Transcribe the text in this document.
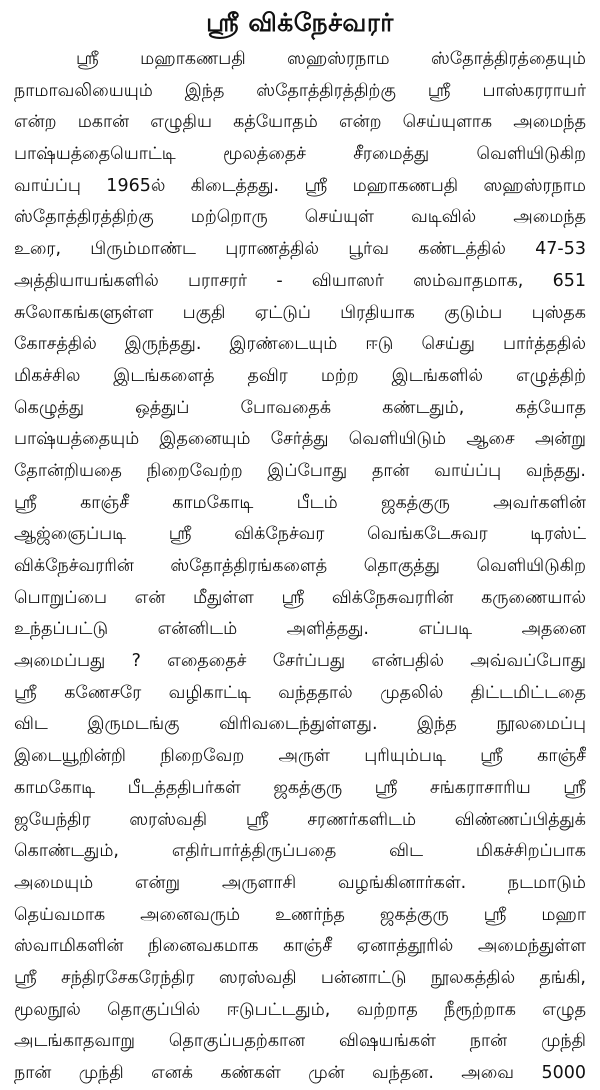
ஸ்ரீ விக்நேச்வரர்
ஸ்ரீ மஹாகணபதி ஸஹஸ்ரநாம ஸ்தோத்திரத்தையும்
நாமாவலியையும் இந்த ஸ்தோத்திரத்திற்கு ஸ்ரீ பாஸ்கரராயர்
என்ற மகான் எழுதிய கத்யோதம் என்ற செய்யுளாக அமைந்த
பாஷ்யத்தையொட்டி மூலத்தைச் சீரமைத்து வெளியிடுகிற
வாய்ப்பு 1965ல் கிடைத்தது. ஸ்ரீ மஹாகணபதி ஸஹஸ்ரநாம
ஸ்தோத்திரத்திற்கு மற்றொரு செய்யுள் வடிவில் அமைந்த
உரை, பிரும்மாண்ட புராணத்தில் பூர்வ கண்டத்தில் 47-53
அத்தியாயங்களில் பராசரர் - வியாஸர் ஸம்வாதமாக, 651
சுலோகங்களுள்ள பகுதி ஏட்டுப் பிரதியாக குடும்ப புஸ்தக
கோசத்தில் இருந்தது. இரண்டையும் ஈடு செய்து பார்த்ததில்
மிகச்சில இடங்களைத் தவிர மற்ற இடங்களில் எழுத்திற்
கெழுத்து ஒத்துப் போவதைக் கண்டதும், கத்யோத
பாஷ்யத்தையும் இதனையும் சேர்த்து வெளியிடும் ஆசை அன்று
தோன்றியதை நிறைவேற்ற இப்போது தான் வாய்ப்பு வந்தது.
ஸ்ரீ காஞ்சீ காமகோடி பீடம் ஜகத்குரு அவர்களின்
ஆஜ்ஞைப்படி ஸ்ரீ விக்நேச்வர வெங்கடேசுவர டிரஸ்ட்
விக்நேச்வரரின் ஸ்தோத்திரங்களைத் தொகுத்து வெளியிடுகிற
பொறுப்பை என் மீதுள்ள ஸ்ரீ விக்நேசுவரரின் கருணையால்
உந்தப்பட்டு என்னிடம் அளித்தது. எப்படி அதனை
அமைப்பது ? எதைதைச் சேர்ப்பது என்பதில் அவ்வப்போது
ஸ்ரீ கணேசரே வழிகாட்டி வந்ததால் முதலில் திட்டமிட்டதை
விட இருமடங்கு விரிவடைந்துள்ளது. இந்த நூலமைப்பு
இடையூறின்றி நிறைவேற அருள் புரியும்படி ஸ்ரீ காஞ்சீ
காமகோடி பீடத்ததிபர்கள் ஜகத்குரு ஸ்ரீ சங்கராசாரிய ஸ்ரீ
ஜயேந்திர ஸரஸ்வதி ஸ்ரீ சரணர்களிடம் விண்ணப்பித்துக்
கொண்டதும், எதிர்பார்த்திருப்பதை விட மிகச்சிறப்பாக
அமையும் என்று அருளாசி வழங்கினார்கள். நடமாடும்
தெய்வமாக அனைவரும் உணர்ந்த ஜகத்குரு ஸ்ரீ மஹா
ஸ்வாமிகளின் நினைவகமாக காஞ்சீ ஏனாத்தூரில் அமைந்துள்ள
ஸ்ரீ சந்திரசேகரேந்திர ஸரஸ்வதி பன்னாட்டு நூலகத்தில் தங்கி,
மூலநூல் தொகுப்பில் ஈடுபட்டதும், வற்றாத நீரூற்றாக எழுத
அடங்காதவாறு தொகுப்பதற்கான விஷயங்கள் நான் முந்தி
நான் முந்தி எனக் கண்கள் முன் வந்தன. அவை 5000
